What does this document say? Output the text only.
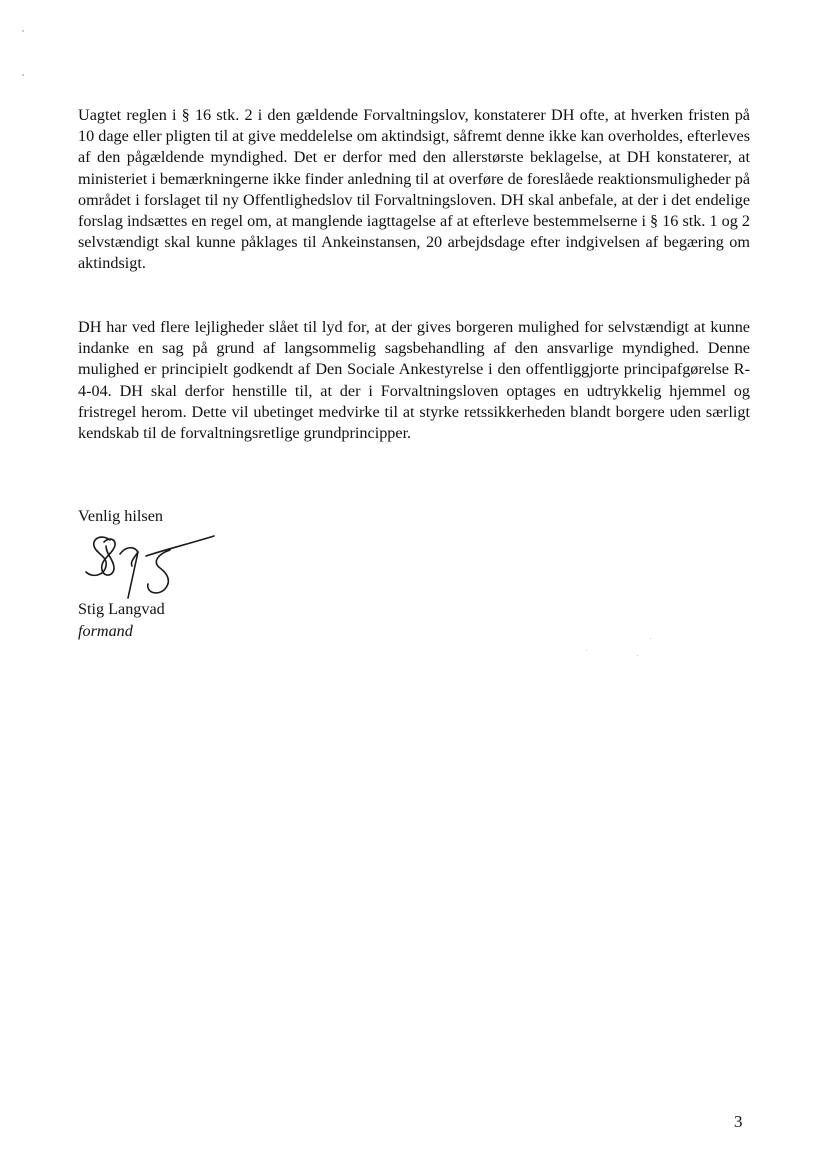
Uagtet reglen i § 16 stk. 2 i den gældende Forvaltningslov, konstaterer DH ofte, at hverken fristen på 10 dage eller pligten til at give meddelelse om aktindsigt, såfremt denne ikke kan overholdes, efterleves af den pågældende myndighed. Det er derfor med den allerstørste beklagelse, at DH konstaterer, at ministeriet i bemærkningerne ikke finder anledning til at overføre de foreslåede reaktionsmuligheder på området i forslaget til ny Offentlighedslov til Forvaltningsloven. DH skal anbefale, at der i det endelige forslag indsættes en regel om, at manglende iagttagelse af at efterleve bestemmelserne i § 16 stk. 1 og 2 selvstændigt skal kunne påklages til Ankeinstansen, 20 arbejdsdage efter indgivelsen af begæring om aktindsigt.

DH har ved flere lejligheder slået til lyd for, at der gives borgeren mulighed for selvstændigt at kunne indanke en sag på grund af langsommelig sagsbehandling af den ansvarlige myndighed. Denne mulighed er principielt godkendt af Den Sociale Ankestyrelse i den offentliggjorte principafgørelse R-4-04. DH skal derfor henstille til, at der i Forvaltningsloven optages en udtrykkelig hjemmel og fristregel herom. Dette vil ubetinget medvirke til at styrke retssikkerheden blandt borgere uden særligt kendskab til de forvaltningsretlige grundprincipper.

Venlig hilsen

Stig Langvad

formand

3
